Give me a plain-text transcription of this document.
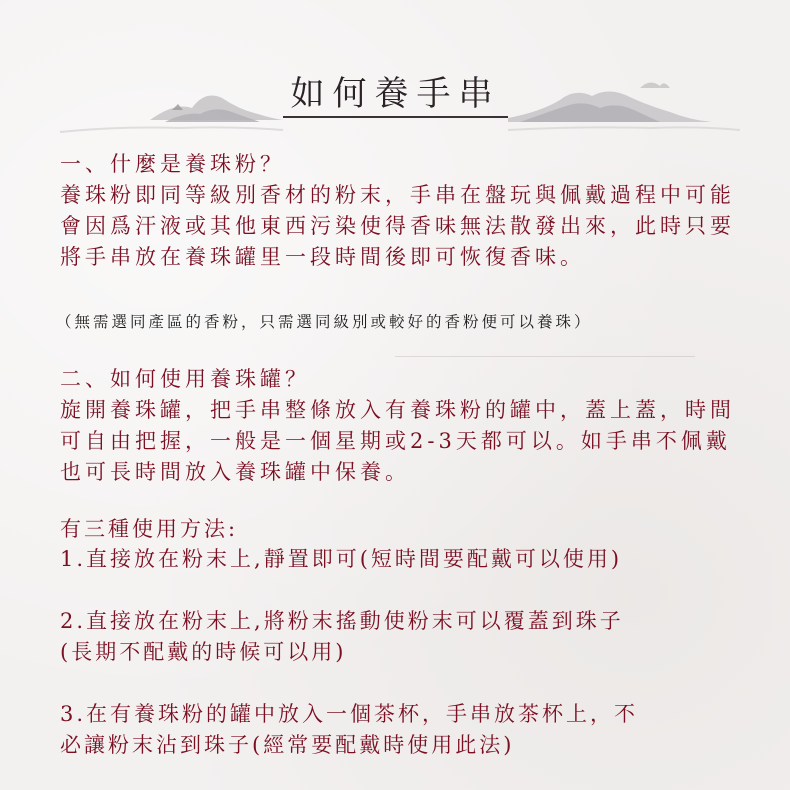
如何養手串
一、什麼是養珠粉？
養珠粉即同等級別香材的粉末，手串在盤玩與佩戴過程中可能會因爲汗液或其他東西污染使得香味無法散發出來，此時只要將手串放在養珠罐里一段時間後即可恢復香味。
（無需選同產區的香粉，只需選同級別或較好的香粉便可以養珠）
二、如何使用養珠罐？
旋開養珠罐，把手串整條放入有養珠粉的罐中，蓋上蓋，時間可自由把握，一般是一個星期或2-3天都可以。如手串不佩戴也可長時間放入養珠罐中保養。
有三種使用方法:
1.直接放在粉末上,靜置即可(短時間要配戴可以使用)
2.直接放在粉末上,將粉末搖動使粉末可以覆蓋到珠子
(長期不配戴的時候可以用)
3.在有養珠粉的罐中放入一個茶杯，手串放茶杯上，不
必讓粉末沾到珠子(經常要配戴時使用此法)
